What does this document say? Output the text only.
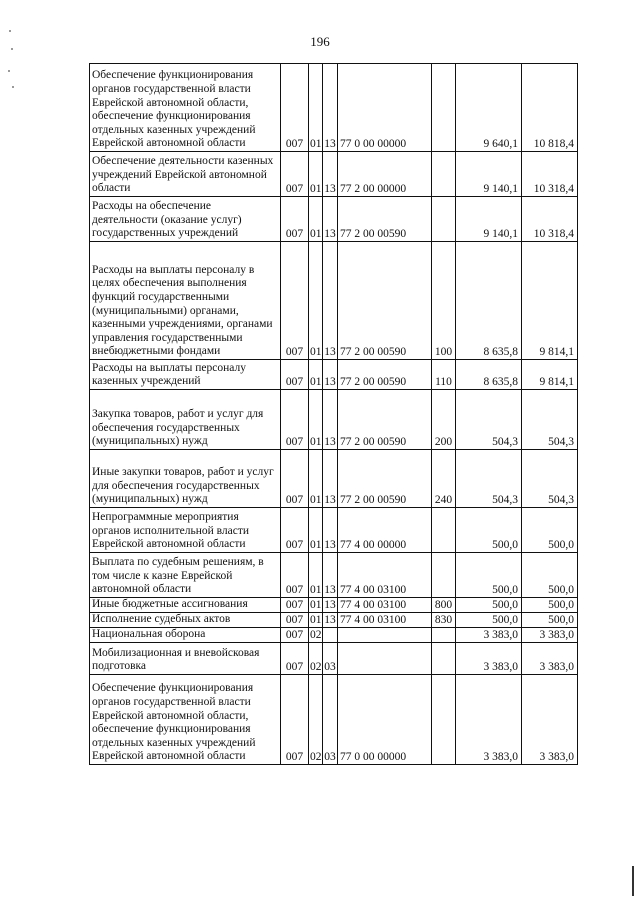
196
Обеспечение функционирования органов государственной власти Еврейской автономной области, обеспечение функционирования отдельных казенных учреждений Еврейской автономной области	007	01	13	77 0 00 00000		9 640,1	10 818,4
Обеспечение деятельности казенных учреждений Еврейской автономной области	007	01	13	77 2 00 00000		9 140,1	10 318,4
Расходы на обеспечение деятельности (оказание услуг) государственных учреждений	007	01	13	77 2 00 00590		9 140,1	10 318,4
Расходы на выплаты персоналу в целях обеспечения выполнения функций государственными (муниципальными) органами, казенными учреждениями, органами управления государственными внебюджетными фондами	007	01	13	77 2 00 00590	100	8 635,8	9 814,1
Расходы на выплаты персоналу казенных учреждений	007	01	13	77 2 00 00590	110	8 635,8	9 814,1
Закупка товаров, работ и услуг для обеспечения государственных (муниципальных) нужд	007	01	13	77 2 00 00590	200	504,3	504,3
Иные закупки товаров, работ и услуг для обеспечения государственных (муниципальных) нужд	007	01	13	77 2 00 00590	240	504,3	504,3
Непрограммные мероприятия органов исполнительной власти Еврейской автономной области	007	01	13	77 4 00 00000		500,0	500,0
Выплата по судебным решениям, в том числе к казне Еврейской автономной области	007	01	13	77 4 00 03100		500,0	500,0
Иные бюджетные ассигнования	007	01	13	77 4 00 03100	800	500,0	500,0
Исполнение судебных актов	007	01	13	77 4 00 03100	830	500,0	500,0
Национальная оборона	007	02				3 383,0	3 383,0
Мобилизационная и вневойсковая подготовка	007	02	03			3 383,0	3 383,0
Обеспечение функционирования органов государственной власти Еврейской автономной области, обеспечение функционирования отдельных казенных учреждений Еврейской автономной области	007	02	03	77 0 00 00000		3 383,0	3 383,0
